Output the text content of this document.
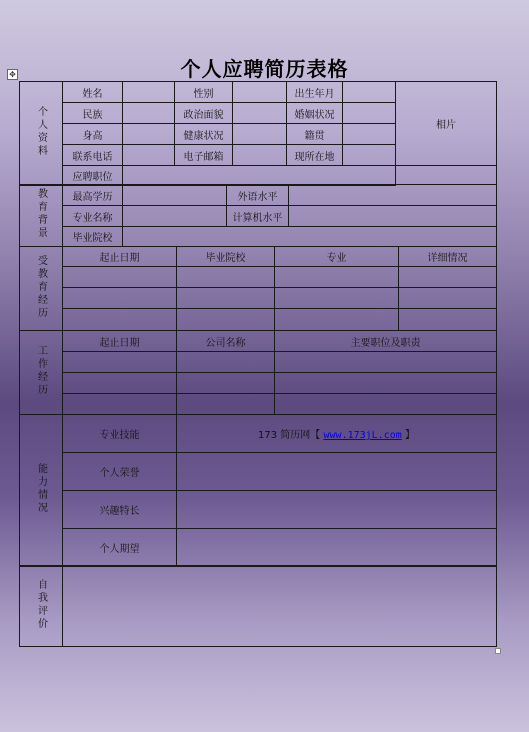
个人应聘简历表格
✥
个人资料	姓名		性别		出生年月		相片
	民族		政治面貌		婚姻状况		
	身高		健康状况		籍贯		
	联系电话		电子邮箱		现所在地		
	应聘职位						
教育背景	最高学历		外语水平	
	专业名称		计算机水平	
	毕业院校			
受教育经历	起止日期	毕业院校	专业	详细情况

工作经历	起止日期	公司名称	主要职位及职责

能力情况	专业技能	173 简历网【 www.173jL.com 】
	个人荣誉	
	兴趣特长	
	个人期望	
自我评价	
